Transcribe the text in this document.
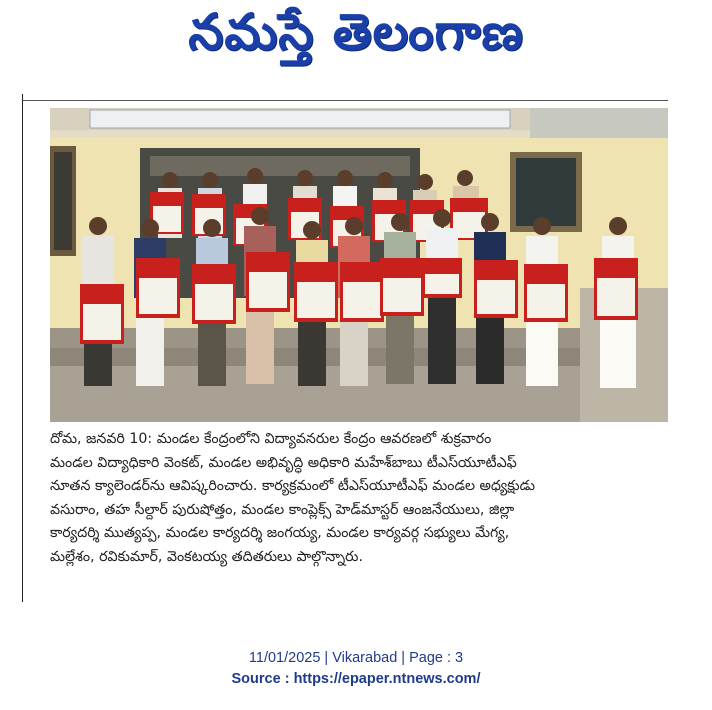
నమస్తే తెలంగాణ
దోమ, జనవరి 10: మండల కేంద్రంలోని విద్యావనరుల కేంద్రం ఆవరణలో శుక్రవారం
మండల విద్యాధికారి వెంకట్, మండల అభివృద్ధి అధికారి మహేశ్‌బాబు టీఎస్‌యూటీఎఫ్
నూతన క్యాలెండర్‌ను ఆవిష్కరించారు. కార్యక్రమంలో టీఎస్‌యూటీఎఫ్ మండల అధ్యక్షుడు
వసురాం, తహ సీల్దార్ పురుషోత్తం, మండల కాంప్లెక్స్ హెడ్‌మాస్టర్ ఆంజనేయులు, జిల్లా
కార్యదర్శి ముత్యప్ప, మండల కార్యదర్శి జంగయ్య, మండల కార్యవర్గ సభ్యులు మేగ్య,
మల్లేశం, రవికుమార్, వెంకటయ్య తదితరులు పాల్గొన్నారు.
11/01/2025 | Vikarabad | Page : 3
Source : https://epaper.ntnews.com/
